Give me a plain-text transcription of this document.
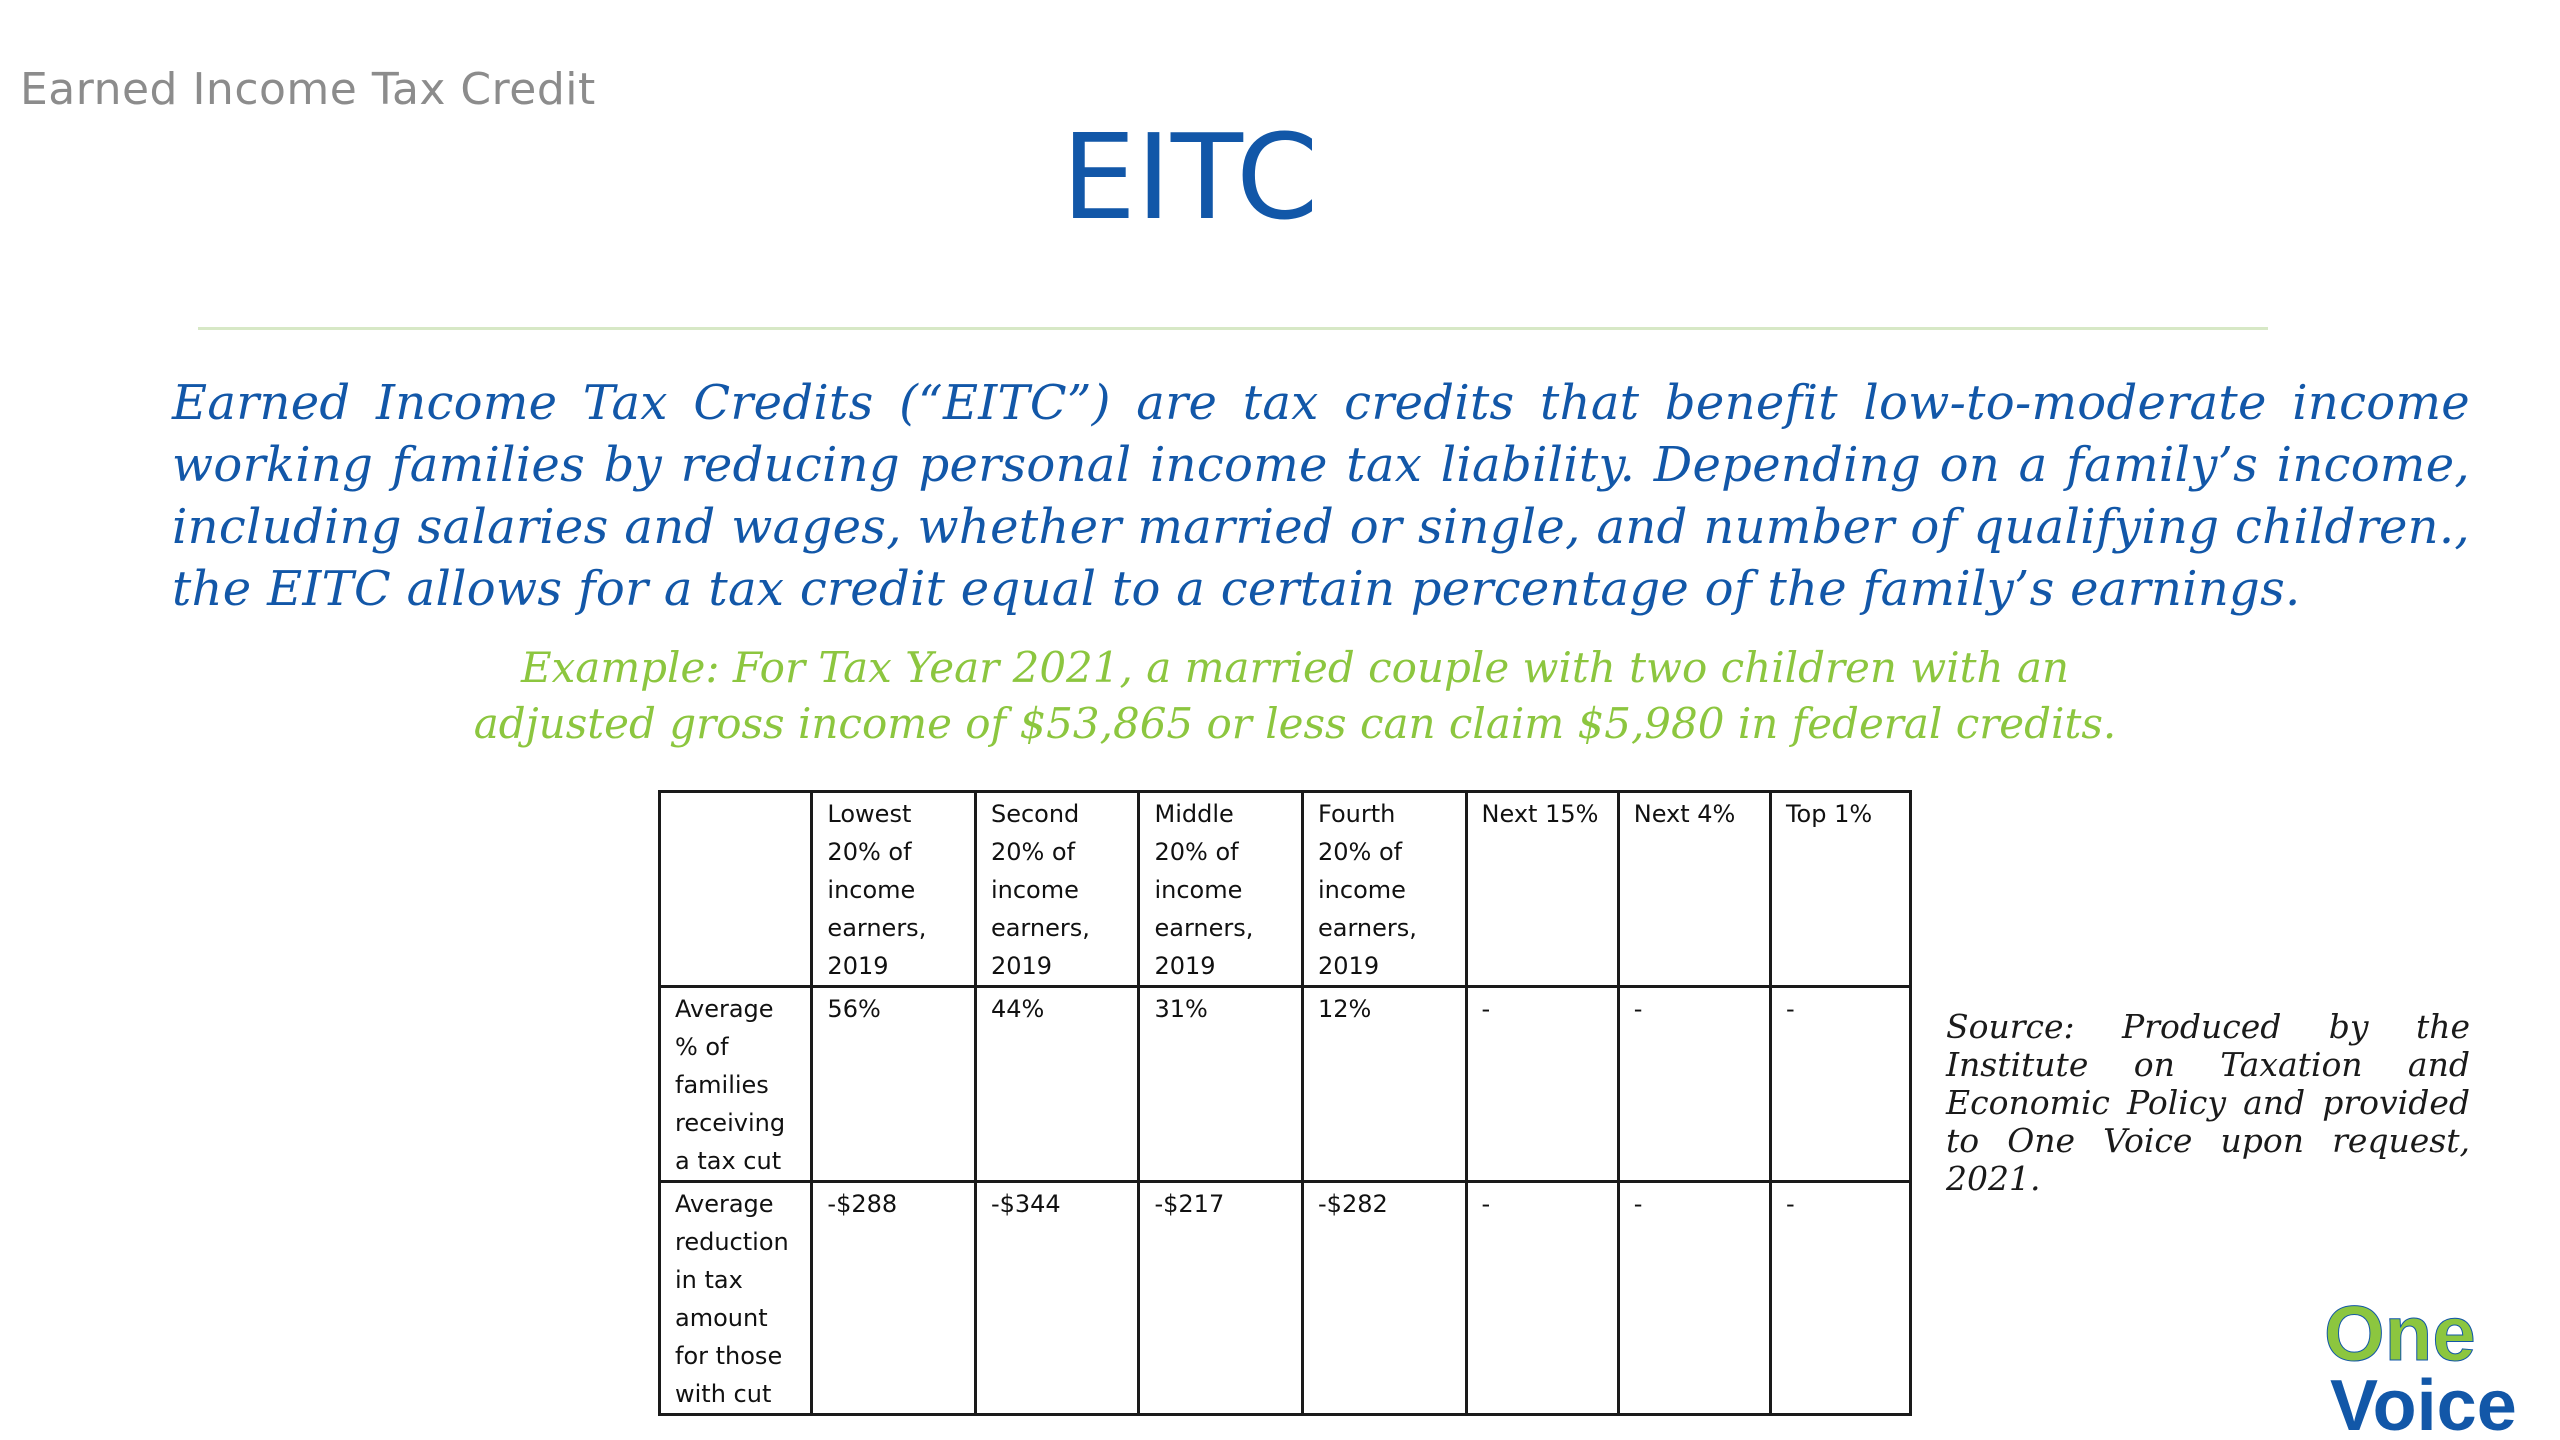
Earned Income Tax Credit
EITC
Earned Income Tax Credits (“EITC”) are tax credits that benefit low-to-moderate income working families by reducing personal income tax liability. Depending on a family’s income, including salaries and wages, whether married or single, and number of qualifying children., the EITC allows for a tax credit equal to a certain percentage of the family’s earnings.
Example: For Tax Year 2021, a married couple with two children with an
adjusted gross income of $53,865 or less can claim $5,980 in federal credits.
	Lowest 20% of income earners, 2019	Second 20% of income earners, 2019	Middle 20% of income earners, 2019	Fourth 20% of income earners, 2019	Next 15%	Next 4%	Top 1%
Average % of families receiving a tax cut	56%	44%	31%	12%	-	-	-
Average reduction in tax amount for those with cut	-$288	-$344	-$217	-$282	-	-	-
Source: Produced by the Institute on Taxation and Economic Policy and provided to One Voice upon request, 2021.
One
Voice
